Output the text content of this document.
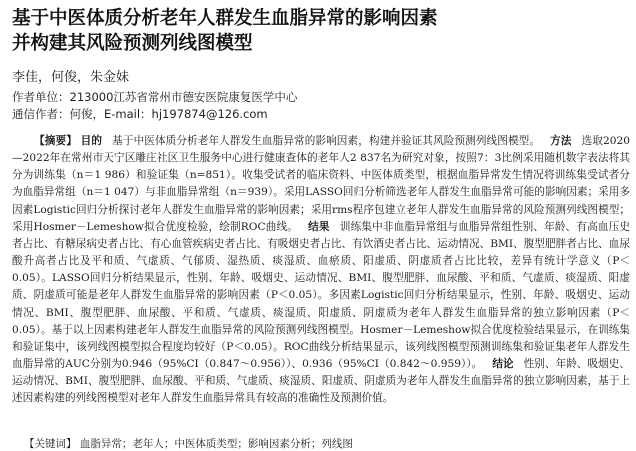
基于中医体质分析老年人群发生血脂异常的影响因素
并构建其风险预测列线图模型
李佳，何俊，朱金妹
作者单位：213000江苏省常州市德安医院康复医学中心
通信作者：何俊，E-mail：hj197874@126.com

【摘要】 目的 基于中医体质分析老年人群发生血脂异常的影响因素，构建并验证其风险预测列线图模型。 方法 选取2020—2022年在常州市天宁区雕庄社区卫生服务中心进行健康查体的老年人2 837名为研究对象，按照7：3比例采用随机数字表法将其分为训练集（n＝1 986）和验证集（n=851）。收集受试者的临床资料、中医体质类型，根据血脂异常发生情况将训练集受试者分为血脂异常组（n＝1 047）与非血脂异常组（n＝939）。采用LASSO回归分析筛选老年人群发生血脂异常可能的影响因素；采用多因素Logistic回归分析探讨老年人群发生血脂异常的影响因素；采用rms程序包建立老年人群发生血脂异常的风险预测列线图模型；采用Hosmer－Lemeshow拟合优度检验，绘制ROC曲线。 结果 训练集中非血脂异常组与血脂异常组性别、年龄、有高血压史者占比、有糖尿病史者占比、有心血管疾病史者占比、有吸烟史者占比、有饮酒史者占比、运动情况、BMI、腹型肥胖者占比、血尿酸升高者占比及平和质、气虚质、气郁质、湿热质、痰湿质、血瘀质、阳虚质、阴虚质者占比比较，差异有统计学意义（P＜0.05）。LASSO回归分析结果显示，性别、年龄、吸烟史、运动情况、BMI、腹型肥胖、血尿酸、平和质、气虚质、痰湿质、阳虚质、阴虚质可能是老年人群发生血脂异常的影响因素（P＜0.05）。多因素Logistic回归分析结果显示，性别、年龄、吸烟史、运动情况、BMI、腹型肥胖、血尿酸、平和质、气虚质、痰湿质、阳虚质、阴虚质为老年人群发生血脂异常的独立影响因素（P＜0.05）。基于以上因素构建老年人群发生血脂异常的风险预测列线图模型。Hosmer－Lemeshow拟合优度检验结果显示，在训练集和验证集中，该列线图模型拟合程度均较好（P＜0.05）。ROC曲线分析结果显示，该列线图模型预测训练集和验证集老年人群发生血脂异常的AUC分别为0.946（95%CI（0.847～0.956））、0.936（95%CI（0.842～0.959））。 结论 性别、年龄、吸烟史、运动情况、BMI、腹型肥胖、血尿酸、平和质、气虚质、痰湿质、阳虚质、阴虚质为老年人群发生血脂异常的独立影响因素，基于上述因素构建的列线图模型对老年人群发生血脂异常具有较高的准确性及预测价值。

【关键词】 血脂异常；老年人；中医体质类型；影响因素分析；列线图
